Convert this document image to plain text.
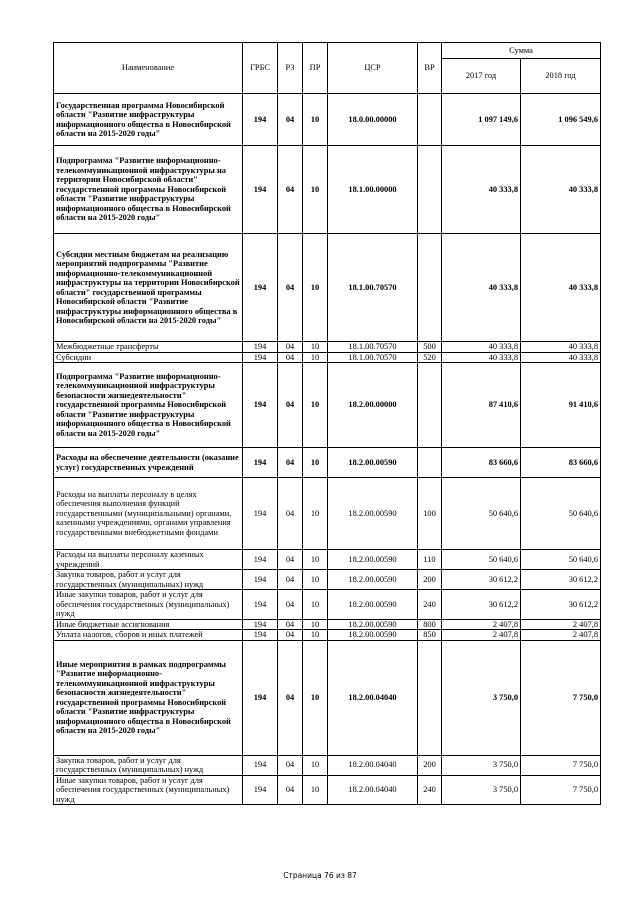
Наименование	ГРБС	РЗ	ПР	ЦСР	ВР	Сумма	
						2017 год	2018 год
Государственная программа Новосибирской области "Развитие инфраструктуры информационного общества в Новосибирской области на 2015-2020 годы"	194	04	10	18.0.00.00000		1 097 149,6	1 096 549,6
Подпрограмма "Развитие информационно-телекоммуникационной инфраструктуры на территории Новосибирской области" государственной программы Новосибирской области "Развитие инфраструктуры информационного общества в Новосибирской области на 2015-2020 годы"	194	04	10	18.1.00.00000		40 333,8	40 333,8
Субсидии местным бюджетам на реализацию мероприятий подпрограммы "Развитие информационно-телекоммуникационной инфраструктуры на территории Новосибирской области" государственной программы Новосибирской области "Развитие инфраструктуры информационного общества в Новосибирской области на 2015-2020 годы"	194	04	10	18.1.00.70570		40 333,8	40 333,8
Межбюджетные трансферты	194	04	10	18.1.00.70570	500	40 333,8	40 333,8
Субсидии	194	04	10	18.1.00.70570	520	40 333,8	40 333,8
Подпрограмма "Развитие информационно-телекоммуникационной инфраструктуры безопасности жизнедеятельности" государственной программы Новосибирской области "Развитие инфраструктуры информационного общества в Новосибирской области на 2015-2020 годы"	194	04	10	18.2.00.00000		87 410,6	91 410,6
Расходы на обеспечение деятельности (оказание услуг) государственных учреждений	194	04	10	18.2.00.00590		83 660,6	83 660,6
Расходы на выплаты персоналу в целях обеспечения выполнения функций государственными (муниципальными) органами, казенными учреждениями, органами управления государственными внебюджетными фондами	194	04	10	18.2.00.00590	100	50 640,6	50 640,6
Расходы на выплаты персоналу казенных учреждений	194	04	10	18.2.00.00590	110	50 640,6	50 640,6
Закупка товаров, работ и услуг для государственных (муниципальных) нужд	194	04	10	18.2.00.00590	200	30 612,2	30 612,2
Иные закупки товаров, работ и услуг для обеспечения государственных (муниципальных) нужд	194	04	10	18.2.00.00590	240	30 612,2	30 612,2
Иные бюджетные ассигнования	194	04	10	18.2.00.00590	800	2 407,8	2 407,8
Уплата налогов, сборов и иных платежей	194	04	10	18.2.00.00590	850	2 407,8	2 407,8
Иные мероприятия в рамках подпрограммы "Развитие информационно-телекоммуникационной инфраструктуры безопасности жизнедеятельности" государственной программы Новосибирской области "Развитие инфраструктуры информационного общества в Новосибирской области на 2015-2020 годы"	194	04	10	18.2.00.04040		3 750,0	7 750,0
Закупка товаров, работ и услуг для государственных (муниципальных) нужд	194	04	10	18.2.00.04040	200	3 750,0	7 750,0
Иные закупки товаров, работ и услуг для обеспечения государственных (муниципальных) нужд	194	04	10	18.2.00.04040	240	3 750,0	7 750,0
Страница 76 из 87
